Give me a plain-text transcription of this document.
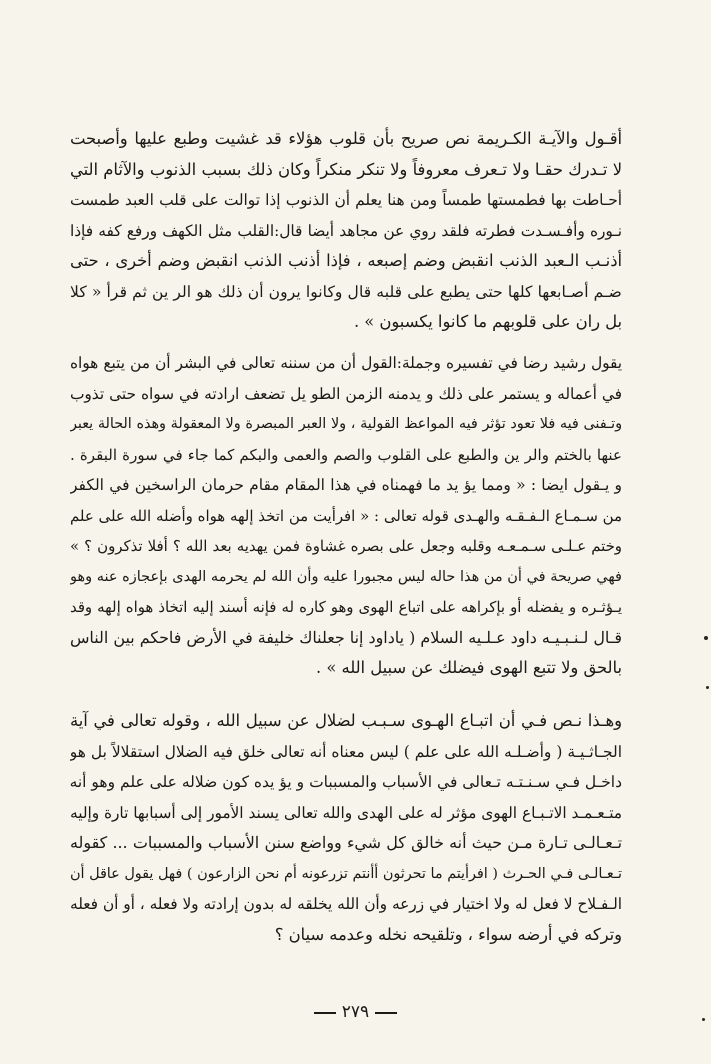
أقـول والآيـة الكـريمة نص صريح بأن قلوب هؤلاء قد غشيت وطبع عليها وأصبحت
لا تـدرك حقـا ولا تـعرف معروفاً ولا تنكر منكراً وكان ذلك بسبب الذنوب والآثام التي
أحـاطت بها فطمستها طمساً ومن هنا يعلم أن الذنوب إذا توالت على قلب العبد طمست
نـوره وأفـسـدت فطرته فلقد روي عن مجاهد أيضا قال:القلب مثل الكهف ورفع كفه فإذا
أذنـب الـعبد الذنب انقبض وضم إصبعه ، فإذا أذنب الذنب انقبض وضم أخرى ، حتى
ضـم أصـابعها كلها حتى يطبع على قلبه قال وكانوا يرون أن ذلك هو الر ين ثم قرأ « كلا
بل ران على قلوبهم ما كانوا يكسبون » .
يقول رشيد رضا في تفسيره وجملة:القول أن من سننه تعالى في البشر أن من يتبع هواه
في أعماله و يستمر على ذلك و يدمنه الزمن الطو يل تضعف ارادته في سواه حتى تذوب
وتـفنى فيه فلا تعود تؤثر فيه المواعظ القولية ، ولا العبر المبصرة ولا المعقولة وهذه الحالة يعبر
عنها بالختم والر ين والطبع على القلوب والصم والعمى والبكم كما جاء في سورة البقرة .
و يـقول ايضا : « ومما يؤ يد ما فهمناه في هذا المقام مقام حرمان الراسخين في الكفر
من سـمـاع الـفـقـه والهـدى قوله تعالى : « افرأيت من اتخذ إلهه هواه وأضله الله على علم
وختم عـلـى سـمـعـه وقلبه وجعل على بصره غشاوة فمن يهديه بعد الله ؟ أفلا تذكرون ؟ »
فهي صريحة في أن من هذا حاله ليس مجبورا عليه وأن الله لم يحرمه الهدى بإعجازه عنه وهو
يـؤثـره و يفضله أو بإكراهه على اتباع الهوى وهو كاره له فإنه أسند إليه اتخاذ هواه إلهه وقد
قـال لـنـبـيـه داود عـلـيه السلام ( ياداود إنا جعلناك خليفة في الأرض فاحكم بين الناس
بالحق ولا تتبع الهوى فيضلك عن سبيل الله » .
وهـذا نـص فـي أن اتبـاع الهـوى سـبـب لضلال عن سبيل الله ، وقوله تعالى في آية
الجـاثـيـة ( وأضـلـه الله على علم ) ليس معناه أنه تعالى خلق فيه الضلال استقلالاً بل هو
داخـل فـي سـنـتـه تـعالى في الأسباب والمسببات و يؤ يده كون ضلاله على علم وهو أنه
متـعـمـد الاتـبـاع الهوى مؤثر له على الهدى والله تعالى يسند الأمور إلى أسبابها تارة وإليه
تـعـالـى تـارة مـن حيث أنه خالق كل شيء وواضع سنن الأسباب والمسببات ... كقوله
تـعـالـى فـي الحـرث ( افرأيتم ما تحرثون أأنتم تزرعونه أم نحن الزارعون ) فهل يقول عاقل أن
الـفـلاح لا فعل له ولا اختيار في زرعه وأن الله يخلقه له بدون إرادته ولا فعله ، أو أن فعله
وتركه في أرضه سواء ، وتلقيحه نخله وعدمه سيان ؟
٢٧٩
